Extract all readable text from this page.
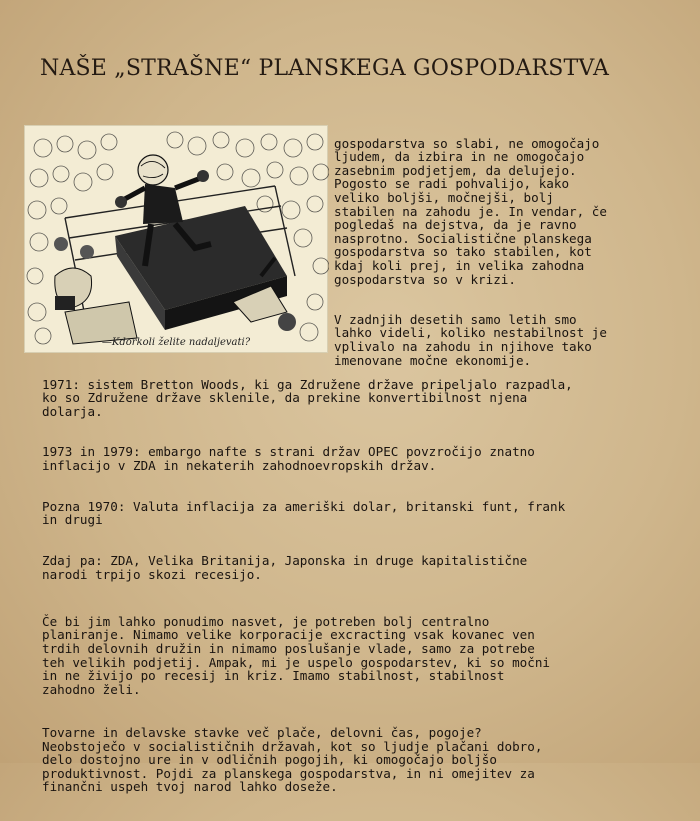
NAŠE „STRAŠNE“ PLANSKEGA GOSPODARSTVA
—Kdorkoli želite nadaljevati?

gospodarstva so slabi, ne omogočajo
ljudem, da izbira in ne omogočajo
zasebnim podjetjem, da delujejo.
Pogosto se radi pohvalijo, kako
veliko boljši, močnejši, bolj
stabilen na zahodu je. In vendar, če
pogledaš na dejstva, da je ravno
nasprotno. Socialistične planskega
gospodarstva so tako stabilen, kot
kdaj koli prej, in velika zahodna
gospodarstva so v krizi.

V zadnjih desetih samo letih smo
lahko videli, koliko nestabilnost je
vplivalo na zahodu in njihove tako
imenovane močne ekonomije.

1971: sistem Bretton Woods, ki ga Združene države pripeljalo razpadla,
ko so Združene države sklenile, da prekine konvertibilnost njena
dolarja.

1973 in 1979: embargo nafte s strani držav OPEC povzročijo znatno
inflacijo v ZDA in nekaterih zahodnoevropskih držav.

Pozna 1970: Valuta inflacija za ameriški dolar, britanski funt, frank
in drugi

Zdaj pa: ZDA, Velika Britanija, Japonska in druge kapitalistične
narodi trpijo skozi recesijo.

Če bi jim lahko ponudimo nasvet, je potreben bolj centralno
planiranje. Nimamo velike korporacije excracting vsak kovanec ven
trdih delovnih družin in nimamo poslušanje vlade, samo za potrebe
teh velikih podjetij. Ampak, mi je uspelo gospodarstev, ki so močni
in ne živijo po recesij in kriz. Imamo stabilnost, stabilnost
zahodno želi.

Tovarne in delavske stavke več plače, delovni čas, pogoje?
Neobstoječo v socialističnih državah, kot so ljudje plačani dobro,
delo dostojno ure in v odličnih pogojih, ki omogočajo boljšo
produktivnost. Pojdi za planskega gospodarstva, in ni omejitev za
finančni uspeh tvoj narod lahko doseže.
